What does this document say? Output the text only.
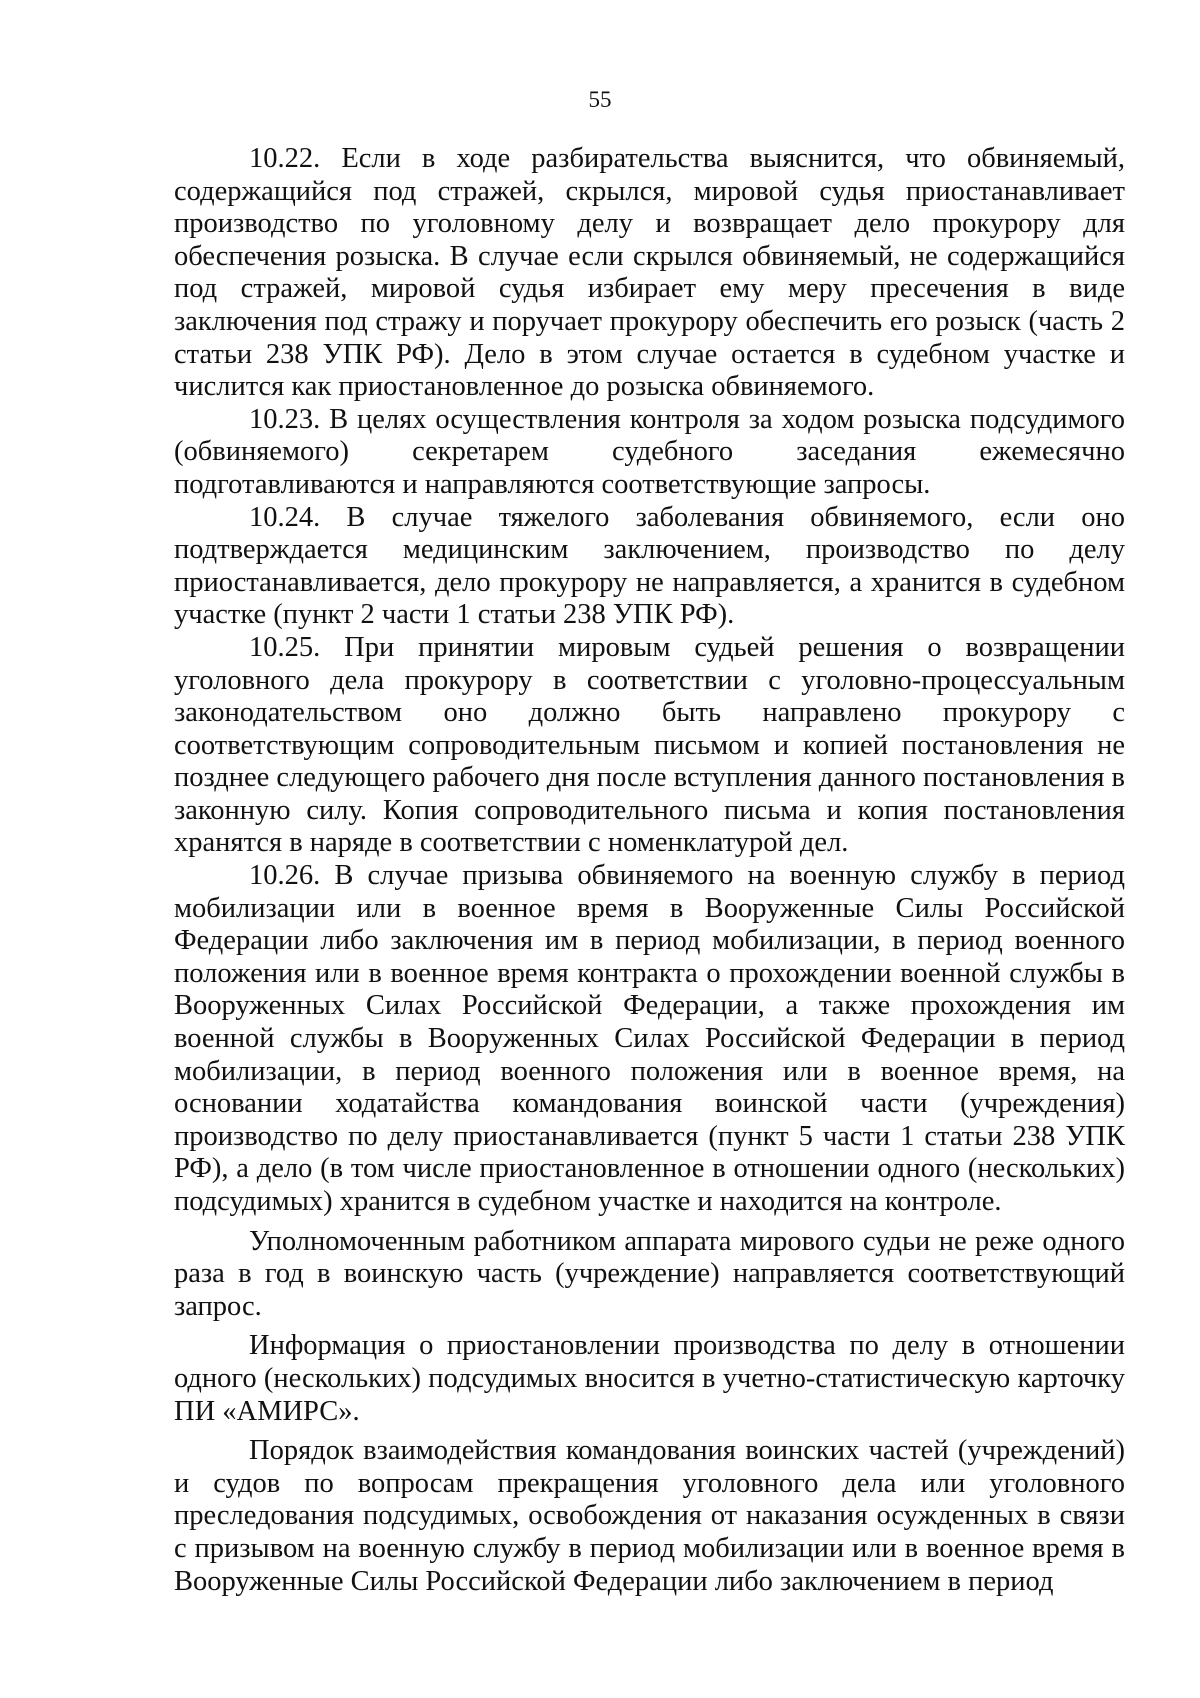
55

10.22. Если в ходе разбирательства выяснится, что обвиняемый, содержащийся под стражей, скрылся, мировой судья приостанавливает производство по уголовному делу и возвращает дело прокурору для обеспечения розыска. В случае если скрылся обвиняемый, не содержащийся под стражей, мировой судья избирает ему меру пресечения в виде заключения под стражу и поручает прокурору обеспечить его розыск (часть 2 статьи 238 УПК РФ). Дело в этом случае остается в судебном участке и числится как приостановленное до розыска обвиняемого.

10.23. В целях осуществления контроля за ходом розыска подсудимого (обвиняемого) секретарем судебного заседания ежемесячно подготавливаются и направляются соответствующие запросы.

10.24. В случае тяжелого заболевания обвиняемого, если оно подтверждается медицинским заключением, производство по делу приостанавливается, дело прокурору не направляется, а хранится в судебном участке (пункт 2 части 1 статьи 238 УПК РФ).

10.25. При принятии мировым судьей решения о возвращении уголовного дела прокурору в соответствии с уголовно-процессуальным законодательством оно должно быть направлено прокурору с соответствующим сопроводительным письмом и копией постановления не позднее следующего рабочего дня после вступления данного постановления в законную силу. Копия сопроводительного письма и копия постановления хранятся в наряде в соответствии с номенклатурой дел.

10.26. В случае призыва обвиняемого на военную службу в период мобилизации или в военное время в Вооруженные Силы Российской Федерации либо заключения им в период мобилизации, в период военного положения или в военное время контракта о прохождении военной службы в Вооруженных Силах Российской Федерации, а также прохождения им военной службы в Вооруженных Силах Российской Федерации в период мобилизации, в период военного положения или в военное время, на основании ходатайства командования воинской части (учреждения) производство по делу приостанавливается (пункт 5 части 1 статьи 238 УПК РФ), а дело (в том числе приостановленное в отношении одного (нескольких) подсудимых) хранится в судебном участке и находится на контроле.

Уполномоченным работником аппарата мирового судьи не реже одного раза в год в воинскую часть (учреждение) направляется соответствующий запрос.

Информация о приостановлении производства по делу в отношении одного (нескольких) подсудимых вносится в учетно-статистическую карточку ПИ «АМИРС».

Порядок взаимодействия командования воинских частей (учреждений) и судов по вопросам прекращения уголовного дела или уголовного преследования подсудимых, освобождения от наказания осужденных в связи с призывом на военную службу в период мобилизации или в военное время в Вооруженные Силы Российской Федерации либо заключением в период
